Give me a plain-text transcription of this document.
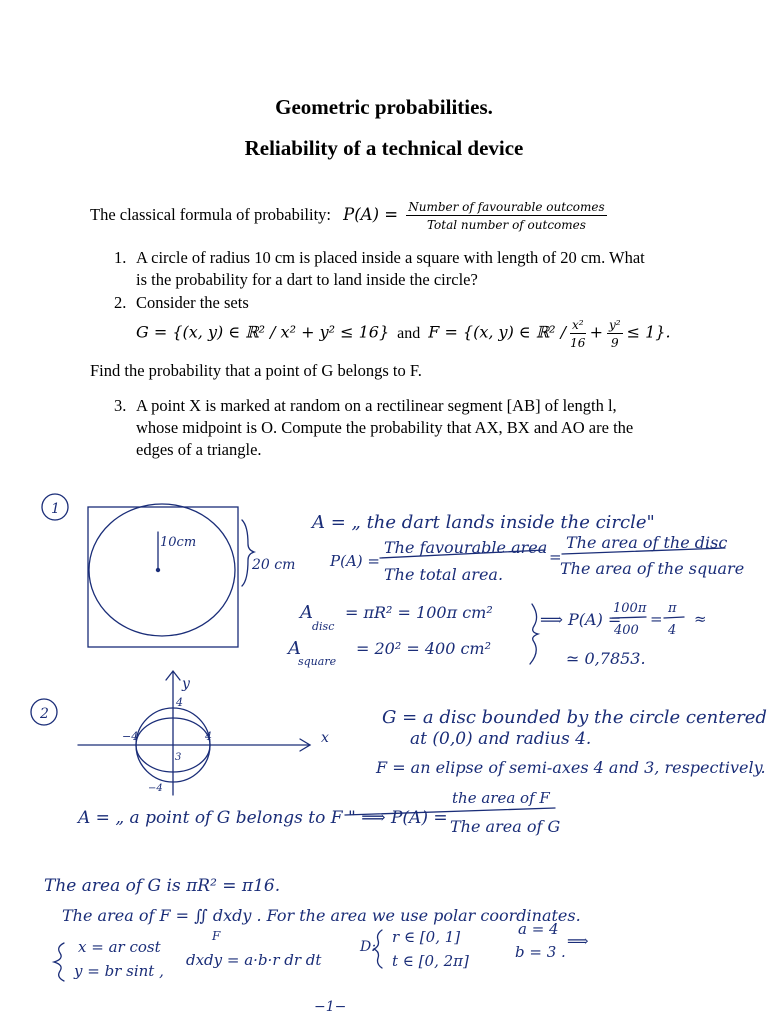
Geometric probabilities.
Reliability of a technical device
The classical formula of probability: $P(A) = \frac{\text{Number of favourable outcomes}}{\text{Total number of outcomes}}$
1. A circle of radius 10 cm is placed inside a square with length of 20 cm. What
is the probability for a dart to land inside the circle?
2. Consider the sets
G = {(x, y) ∈ ℝ² / x² + y² ≤ 16} and F = {(x, y) ∈ ℝ² / $\frac{\text{x²}}{16} + \frac{\text{y²}}{9} \le 1$}.
Find the probability that a point of G belongs to F.
3. A point X is marked at random on a rectilinear segment [AB] of length l,
whose midpoint is O. Compute the probability that AX, BX and AO are the
edges of a triangle.
1
10cm
20 cm
A = „ the dart lands inside the circle"
P(A) =
The favourable area
The total area.
=
The area of the disc
The area of the square
A
disc
= πR² = 100π cm²
A
square
= 20² = 400 cm²
⟹ P(A) =
100π
400
=
π
4
≈
≃ 0,7853.
2
y
x
4
4
−4
3
−4
G = a disc bounded by the circle centered
at (0,0) and radius 4.
F = an elipse of semi-axes 4 and 3, respectively.
A = „ a point of G belongs to F " ⟹ P(A) =
the area of F
The area of G
The area of G is πR² = π16.
The area of F = ∬ dxdy . For the area we use polar coordinates.
F
x = ar cost
y = br sint ,
dxdy = a·b·r dr dt
D:
r ∈ [0, 1]
t ∈ [0, 2π]
a = 4
b = 3 .
⟹
−1−
